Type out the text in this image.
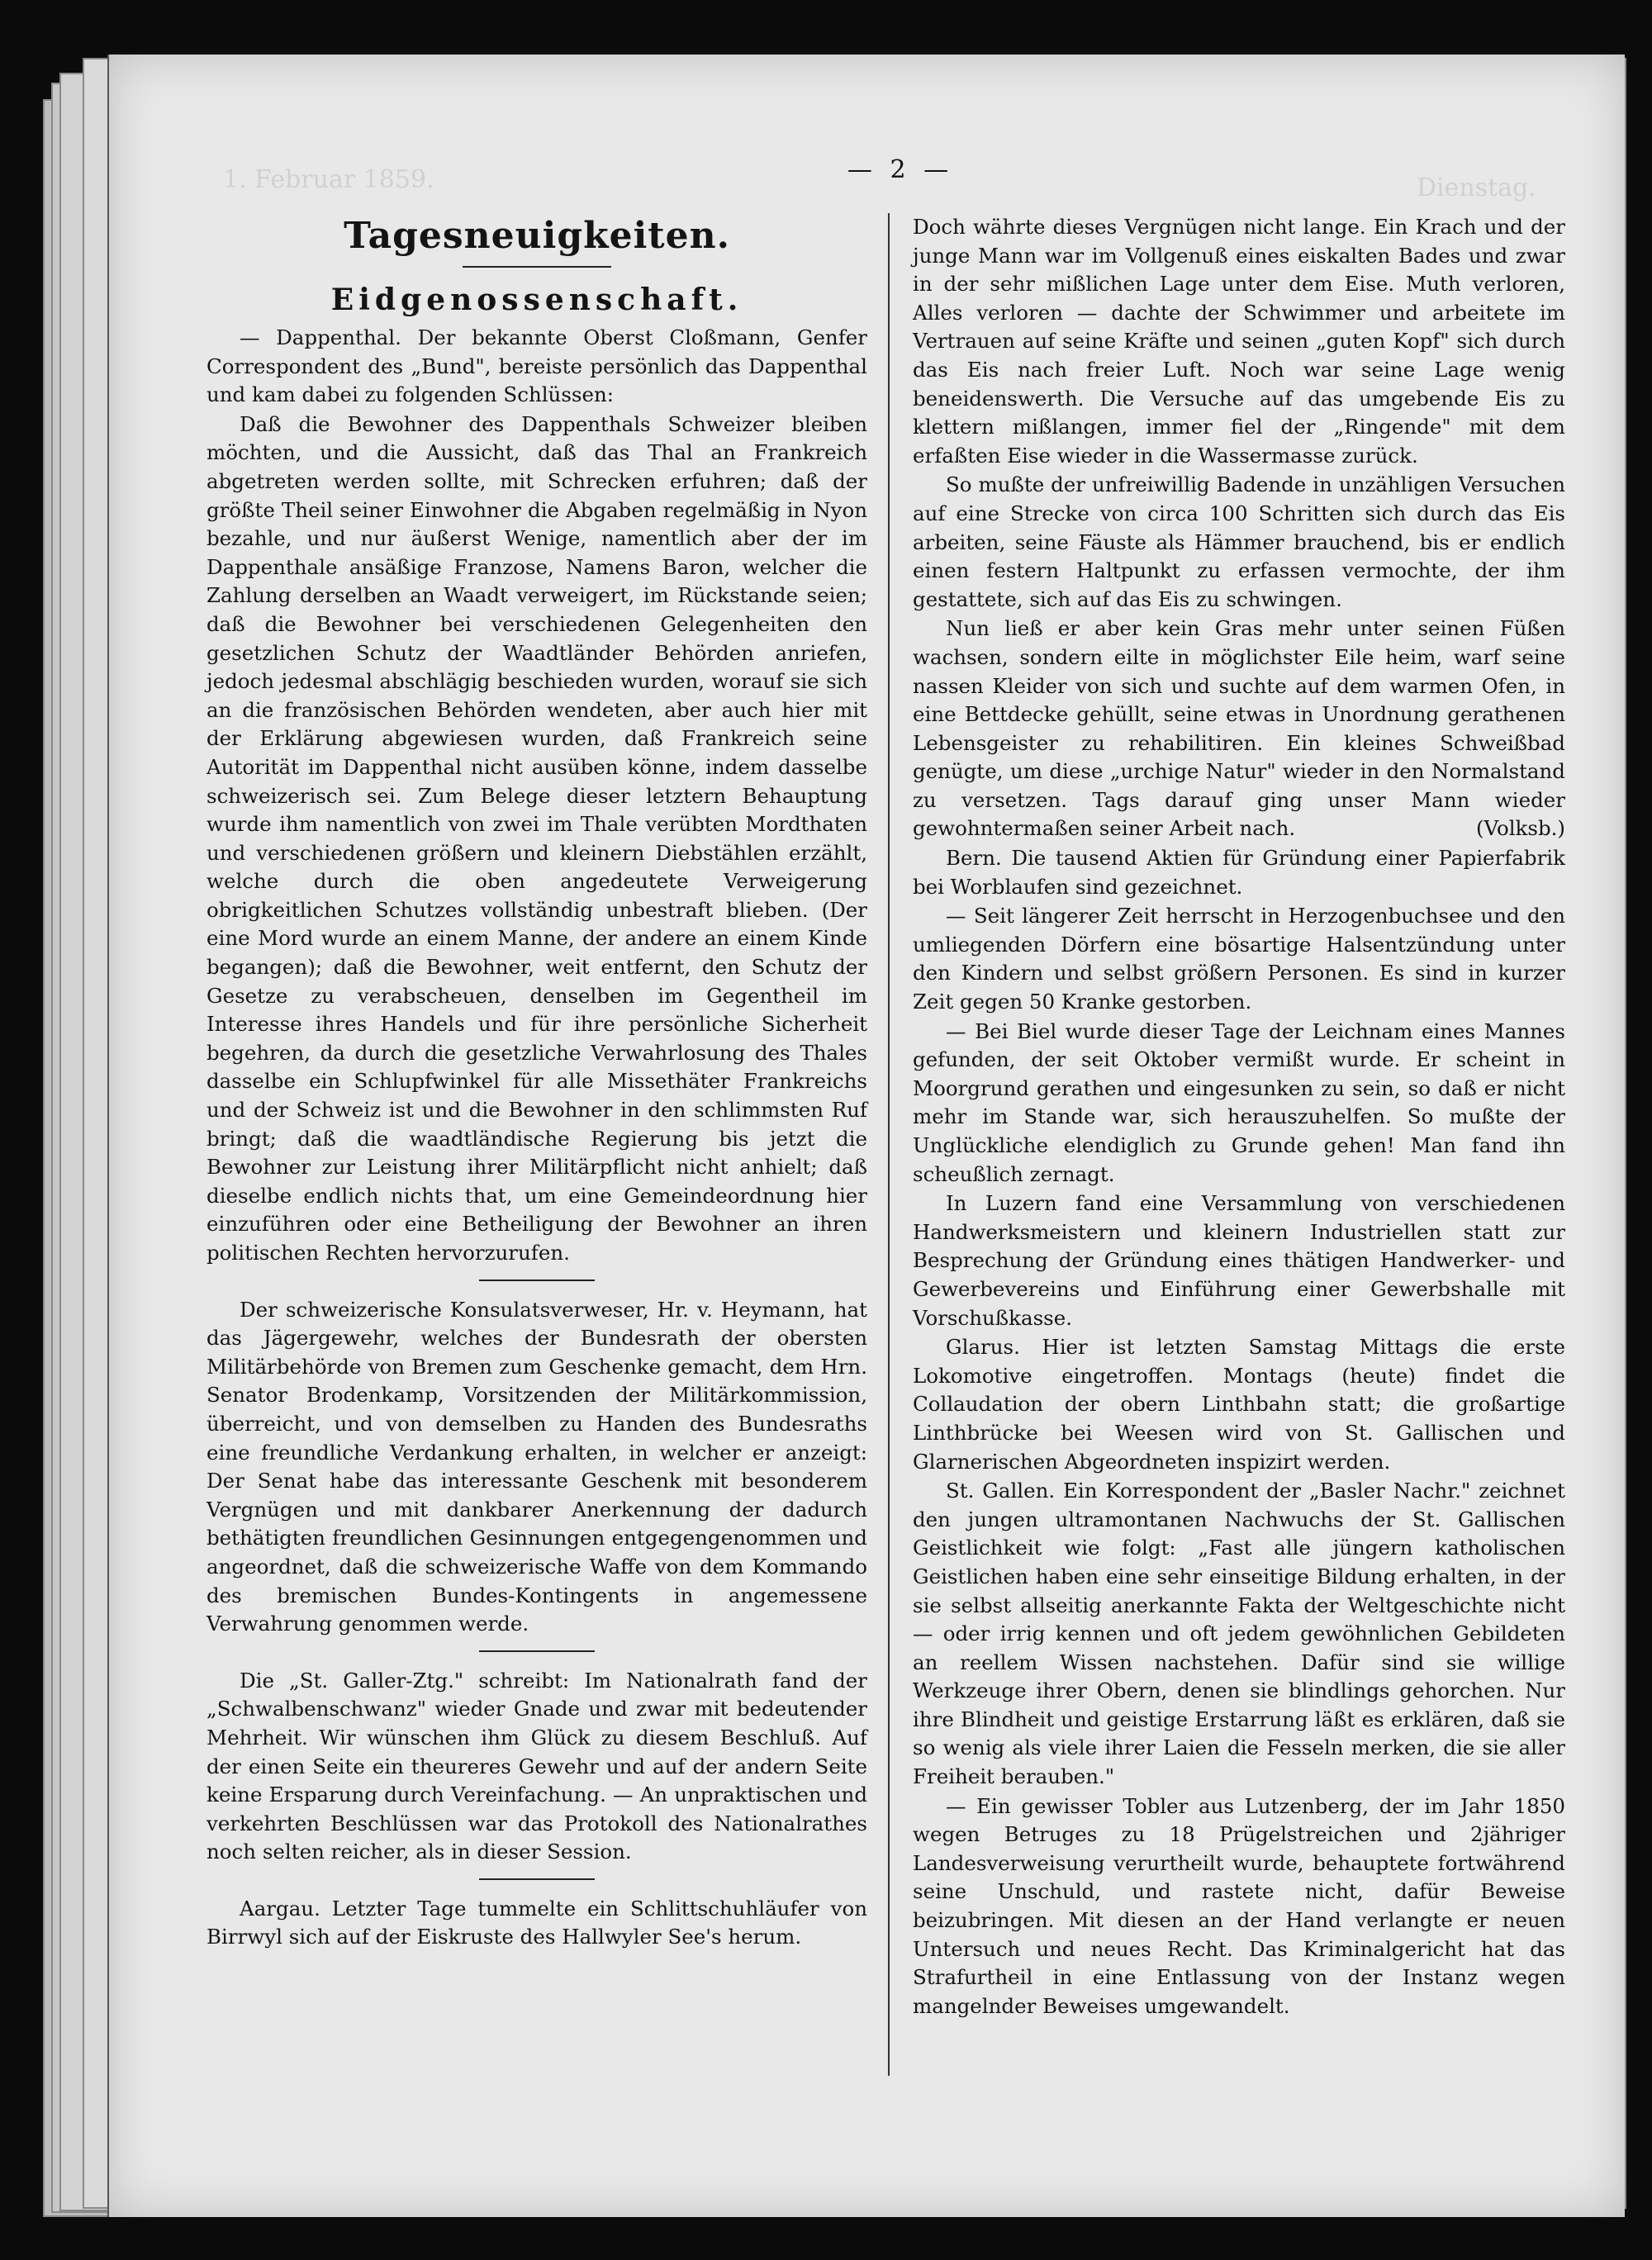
1. Februar 1859.	Dienstag.
— 2 —
Tagesneuigkeiten.
Eidgenossenschaft.

— Dappenthal. Der bekannte Oberst Cloßmann, Genfer Correspondent des „Bund", bereiste persönlich das Dappenthal und kam dabei zu folgenden Schlüssen:

Daß die Bewohner des Dappenthals Schweizer bleiben möchten, und die Aussicht, daß das Thal an Frankreich abgetreten werden sollte, mit Schrecken erfuhren; daß der größte Theil seiner Einwohner die Abgaben regelmäßig in Nyon bezahle, und nur äußerst Wenige, namentlich aber der im Dappenthale ansäßige Franzose, Namens Baron, welcher die Zahlung derselben an Waadt verweigert, im Rückstande seien; daß die Bewohner bei verschiedenen Gelegenheiten den gesetzlichen Schutz der Waadtländer Behörden anriefen, jedoch jedesmal abschlägig beschieden wurden, worauf sie sich an die französischen Behörden wendeten, aber auch hier mit der Erklärung abgewiesen wurden, daß Frankreich seine Autorität im Dappenthal nicht ausüben könne, indem dasselbe schweizerisch sei. Zum Belege dieser letztern Behauptung wurde ihm namentlich von zwei im Thale verübten Mordthaten und verschiedenen größern und kleinern Diebstählen erzählt, welche durch die oben angedeutete Verweigerung obrigkeitlichen Schutzes vollständig unbestraft blieben. (Der eine Mord wurde an einem Manne, der andere an einem Kinde begangen); daß die Bewohner, weit entfernt, den Schutz der Gesetze zu verabscheuen, denselben im Gegentheil im Interesse ihres Handels und für ihre persönliche Sicherheit begehren, da durch die gesetzliche Verwahrlosung des Thales dasselbe ein Schlupfwinkel für alle Missethäter Frankreichs und der Schweiz ist und die Bewohner in den schlimmsten Ruf bringt; daß die waadtländische Regierung bis jetzt die Bewohner zur Leistung ihrer Militärpflicht nicht anhielt; daß dieselbe endlich nichts that, um eine Gemeindeordnung hier einzuführen oder eine Betheiligung der Bewohner an ihren politischen Rechten hervorzurufen.

Der schweizerische Konsulatsverweser, Hr. v. Heymann, hat das Jägergewehr, welches der Bundesrath der obersten Militärbehörde von Bremen zum Geschenke gemacht, dem Hrn. Senator Brodenkamp, Vorsitzenden der Militärkommission, überreicht, und von demselben zu Handen des Bundesraths eine freundliche Verdankung erhalten, in welcher er anzeigt: Der Senat habe das interessante Geschenk mit besonderem Vergnügen und mit dankbarer Anerkennung der dadurch bethätigten freundlichen Gesinnungen entgegengenommen und angeordnet, daß die schweizerische Waffe von dem Kommando des bremischen Bundes-Kontingents in angemessene Verwahrung genommen werde.

Die „St. Galler-Ztg." schreibt: Im Nationalrath fand der „Schwalbenschwanz" wieder Gnade und zwar mit bedeutender Mehrheit. Wir wünschen ihm Glück zu diesem Beschluß. Auf der einen Seite ein theureres Gewehr und auf der andern Seite keine Ersparung durch Vereinfachung. — An unpraktischen und verkehrten Beschlüssen war das Protokoll des Nationalrathes noch selten reicher, als in dieser Session.

Aargau. Letzter Tage tummelte ein Schlittschuhläufer von Birrwyl sich auf der Eiskruste des Hallwyler See's herum.

Doch währte dieses Vergnügen nicht lange. Ein Krach und der junge Mann war im Vollgenuß eines eiskalten Bades und zwar in der sehr mißlichen Lage unter dem Eise. Muth verloren, Alles verloren — dachte der Schwimmer und arbeitete im Vertrauen auf seine Kräfte und seinen „guten Kopf" sich durch das Eis nach freier Luft. Noch war seine Lage wenig beneidenswerth. Die Versuche auf das umgebende Eis zu klettern mißlangen, immer fiel der „Ringende" mit dem erfaßten Eise wieder in die Wassermasse zurück.

So mußte der unfreiwillig Badende in unzähligen Versuchen auf eine Strecke von circa 100 Schritten sich durch das Eis arbeiten, seine Fäuste als Hämmer brauchend, bis er endlich einen festern Haltpunkt zu erfassen vermochte, der ihm gestattete, sich auf das Eis zu schwingen.

Nun ließ er aber kein Gras mehr unter seinen Füßen wachsen, sondern eilte in möglichster Eile heim, warf seine nassen Kleider von sich und suchte auf dem warmen Ofen, in eine Bettdecke gehüllt, seine etwas in Unordnung gerathenen Lebensgeister zu rehabilitiren. Ein kleines Schweißbad genügte, um diese „urchige Natur" wieder in den Normalstand zu versetzen. Tags darauf ging unser Mann wieder gewohntermaßen seiner Arbeit nach.	(Volksb.)

Bern. Die tausend Aktien für Gründung einer Papierfabrik bei Worblaufen sind gezeichnet.

— Seit längerer Zeit herrscht in Herzogenbuchsee und den umliegenden Dörfern eine bösartige Halsentzündung unter den Kindern und selbst größern Personen. Es sind in kurzer Zeit gegen 50 Kranke gestorben.

— Bei Biel wurde dieser Tage der Leichnam eines Mannes gefunden, der seit Oktober vermißt wurde. Er scheint in Moorgrund gerathen und eingesunken zu sein, so daß er nicht mehr im Stande war, sich herauszuhelfen. So mußte der Unglückliche elendiglich zu Grunde gehen! Man fand ihn scheußlich zernagt.

In Luzern fand eine Versammlung von verschiedenen Handwerksmeistern und kleinern Industriellen statt zur Besprechung der Gründung eines thätigen Handwerker- und Gewerbevereins und Einführung einer Gewerbshalle mit Vorschußkasse.

Glarus. Hier ist letzten Samstag Mittags die erste Lokomotive eingetroffen. Montags (heute) findet die Collaudation der obern Linthbahn statt; die großartige Linthbrücke bei Weesen wird von St. Gallischen und Glarnerischen Abgeordneten inspizirt werden.

St. Gallen. Ein Korrespondent der „Basler Nachr." zeichnet den jungen ultramontanen Nachwuchs der St. Gallischen Geistlichkeit wie folgt: „Fast alle jüngern katholischen Geistlichen haben eine sehr einseitige Bildung erhalten, in der sie selbst allseitig anerkannte Fakta der Weltgeschichte nicht — oder irrig kennen und oft jedem gewöhnlichen Gebildeten an reellem Wissen nachstehen. Dafür sind sie willige Werkzeuge ihrer Obern, denen sie blindlings gehorchen. Nur ihre Blindheit und geistige Erstarrung läßt es erklären, daß sie so wenig als viele ihrer Laien die Fesseln merken, die sie aller Freiheit berauben."

— Ein gewisser Tobler aus Lutzenberg, der im Jahr 1850 wegen Betruges zu 18 Prügelstreichen und 2jähriger Landesverweisung verurtheilt wurde, behauptete fortwährend seine Unschuld, und rastete nicht, dafür Beweise beizubringen. Mit diesen an der Hand verlangte er neuen Untersuch und neues Recht. Das Kriminalgericht hat das Strafurtheil in eine Entlassung von der Instanz wegen mangelnder Beweises umgewandelt.
